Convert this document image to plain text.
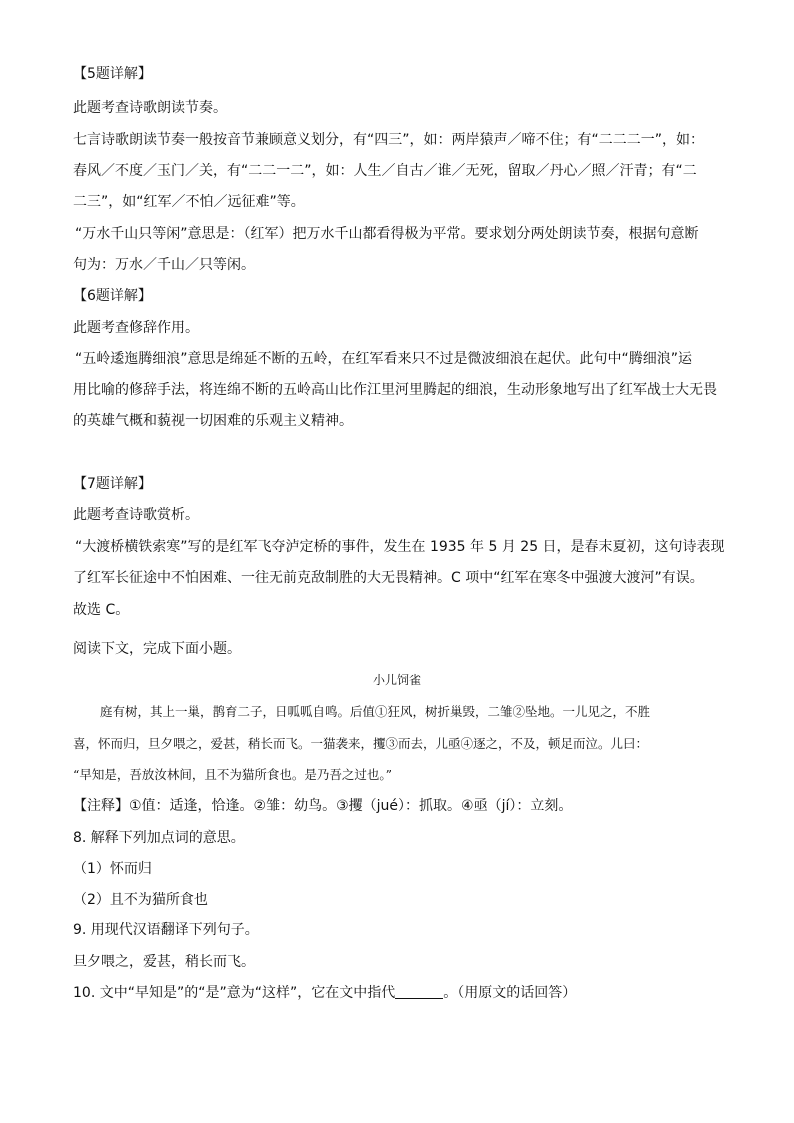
【5题详解】
此题考查诗歌朗读节奏。
七言诗歌朗读节奏一般按音节兼顾意义划分，有“四三”，如：两岸猿声／啼不住；有“二二二一”，如：
春风／不度／玉门／关，有“二二一二”，如：人生／自古／谁／无死，留取／丹心／照／汗青；有“二
二三”，如“红军／不怕／远征难”等。
“万水千山只等闲”意思是：（红军）把万水千山都看得极为平常。要求划分两处朗读节奏，根据句意断
句为：万水／千山／只等闲。
【6题详解】
此题考查修辞作用。
“五岭逶迤腾细浪”意思是绵延不断的五岭，在红军看来只不过是微波细浪在起伏。此句中“腾细浪”运
用比喻的修辞手法，将连绵不断的五岭高山比作江里河里腾起的细浪，生动形象地写出了红军战士大无畏
的英雄气概和藐视一切困难的乐观主义精神。
【7题详解】
此题考查诗歌赏析。
“大渡桥横铁索寒”写的是红军飞夺泸定桥的事件，发生在 1935 年 5 月 25 日，是春末夏初，这句诗表现
了红军长征途中不怕困难、一往无前克敌制胜的大无畏精神。C 项中“红军在寒冬中强渡大渡河”有误。
故选 C。
阅读下文，完成下面小题。
小儿饲雀
庭有树，其上一巢，鹊育二子，日呱呱自鸣。后值①狂风，树折巢毁，二雏②坠地。一儿见之，不胜
喜，怀而归，旦夕喂之，爱甚，稍长而飞。一猫袭来，攫③而去，儿亟④逐之，不及，顿足而泣。儿曰：
“早知是，吾放汝林间，且不为猫所食也。是乃吾之过也。”
【注释】①值：适逢，恰逢。②雏：幼鸟。③攫（jué）：抓取。④亟（jí）：立刻。
8. 解释下列加点词的意思。
（1）怀而归
（2）且不为猫所食也
9. 用现代汉语翻译下列句子。
旦夕喂之，爱甚，稍长而飞。
10. 文中“早知是”的“是”意为“这样”，它在文中指代	。（用原文的话回答）
